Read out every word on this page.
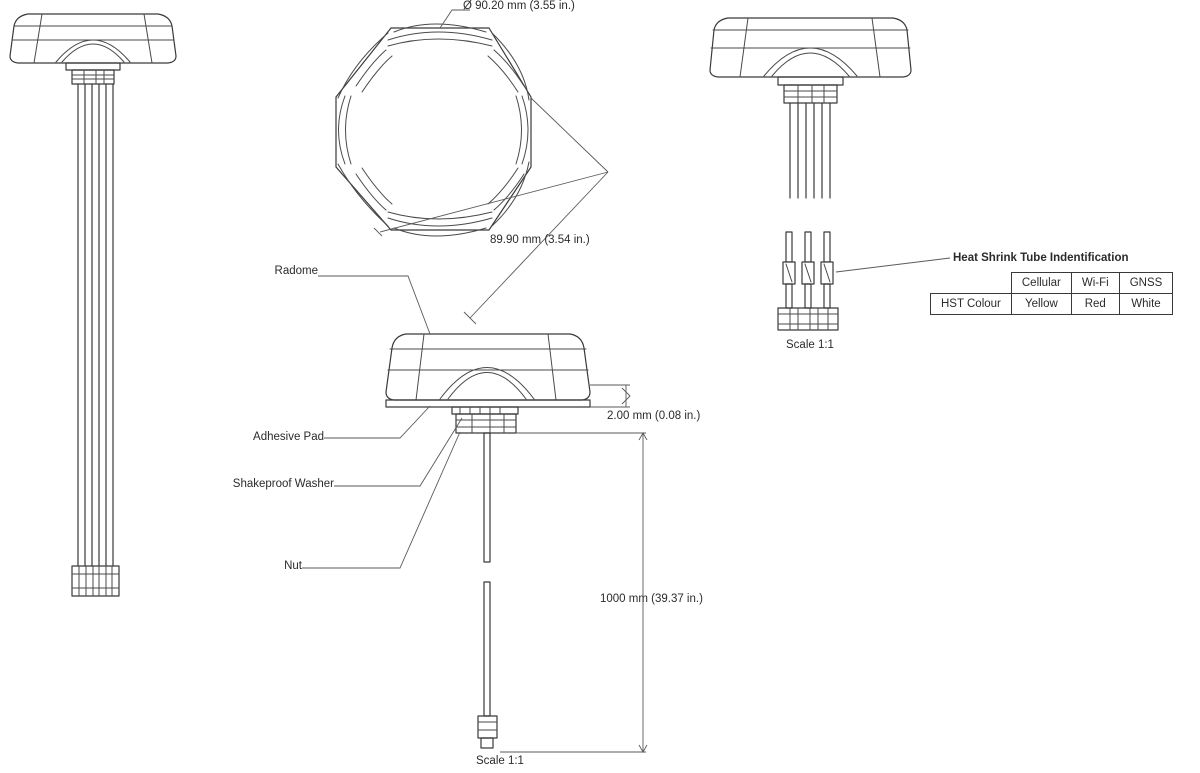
Ø 90.20 mm (3.55 in.)
89.90 mm (3.54 in.)
2.00 mm (0.08 in.)
1000 mm (39.37 in.)
Radome
Adhesive Pad
Shakeproof Washer
Nut
Scale 1:1
Scale 1:1
Heat Shrink Tube Indentification
	Cellular	Wi-Fi	GNSS
HST Colour	Yellow	Red	White
